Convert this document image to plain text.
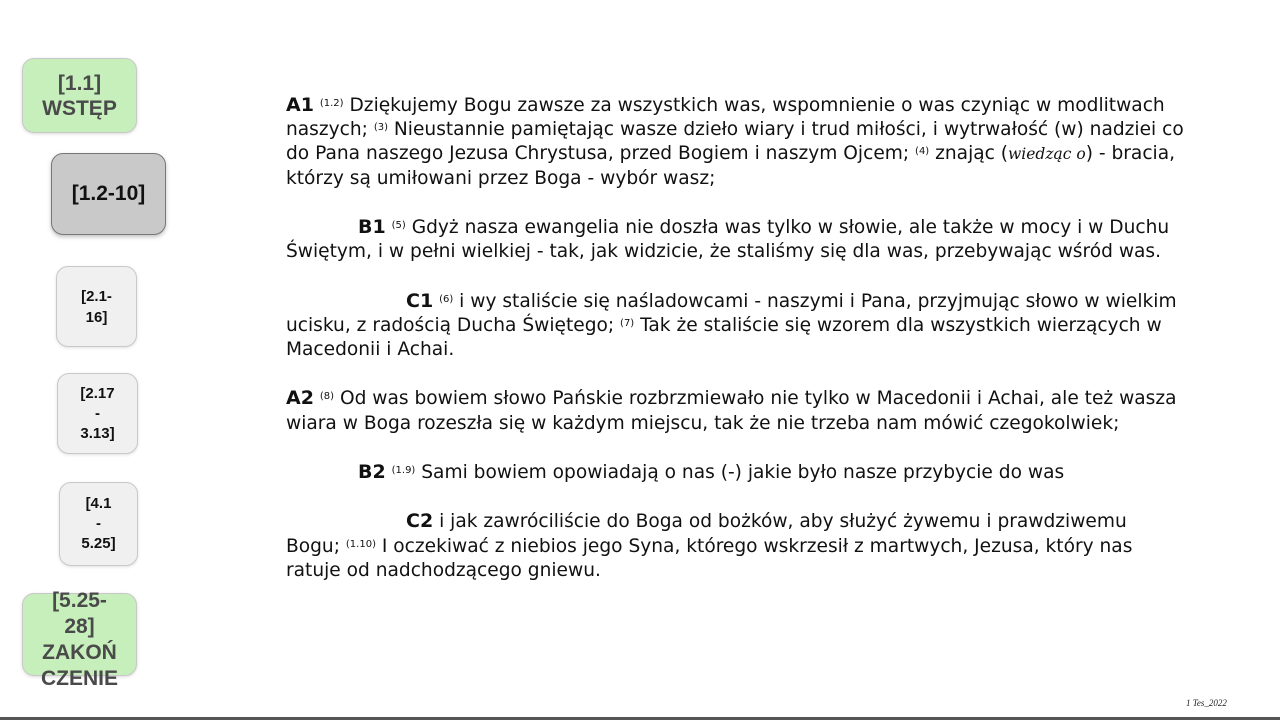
[1.1]
WSTĘP
[1.2-10]
[2.1-
16]
[2.17
-
3.13]
[4.1
-
5.25]
[5.25-
28]
ZAKOŃ
CZENIE

A1 $^{(1.2)}$ Dziękujemy Bogu zawsze za wszystkich was, wspomnienie o was czyniąc w modlitwach naszych; $^{(3)}$ Nieustannie pamiętając wasze dzieło wiary i trud miłości, i wytrwałość (w) nadziei co do Pana naszego Jezusa Chrystusa, przed Bogiem i naszym Ojcem; $^{(4)}$ znając (wiedząc o) - bracia, którzy są umiłowani przez Boga - wybór wasz;

B1 $^{(5)}$ Gdyż nasza ewangelia nie doszła was tylko w słowie, ale także w mocy i w Duchu Świętym, i w pełni wielkiej - tak, jak widzicie, że staliśmy się dla was, przebywając wśród was.

C1 $^{(6)}$ i wy staliście się naśladowcami - naszymi i Pana, przyjmując słowo w wielkim ucisku, z radością Ducha Świętego; $^{(7)}$ Tak że staliście się wzorem dla wszystkich wierzących w Macedonii i Achai.

A2 $^{(8)}$ Od was bowiem słowo Pańskie rozbrzmiewało nie tylko w Macedonii i Achai, ale też wasza wiara w Boga rozeszła się w każdym miejscu, tak że nie trzeba nam mówić czegokolwiek;

B2 $^{(1.9)}$ Sami bowiem opowiadają o nas (-) jakie było nasze przybycie do was

C2 i jak zawróciliście do Boga od bożków, aby służyć żywemu i prawdziwemu Bogu; $^{(1.10)}$ I oczekiwać z niebios jego Syna, którego wskrzesił z martwych, Jezusa, który nas ratuje od nadchodzącego gniewu.

1 Tes_2022
